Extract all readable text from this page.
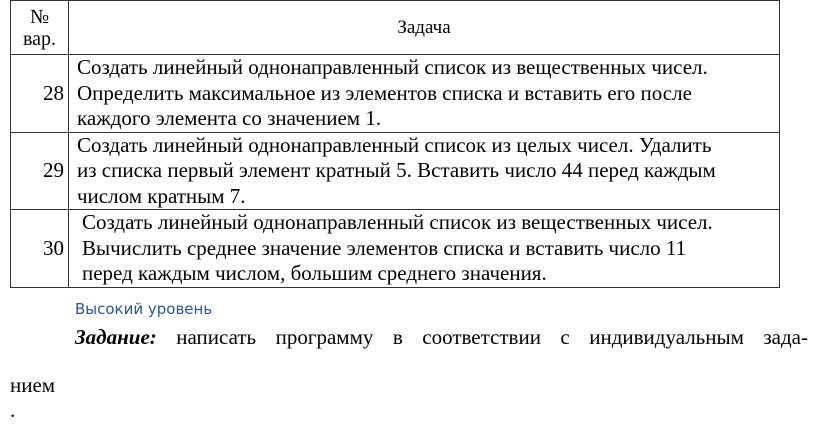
№
вар.	Задача
28	Создать линейный однонаправленный список из вещественных чисел.
Определить максимальное из элементов списка и вставить его после
каждого элемента со значением 1.

29	Создать линейный однонаправленный список из целых чисел. Удалить
из списка первый элемент кратный 5. Вставить число 44 перед каждым
числом кратным 7.

30	Создать линейный однонаправленный список из вещественных чисел.
Вычислить среднее значение элементов списка и вставить число 11
перед каждым числом, большим среднего значения.
Высокий уровень
Задание: написать программу в соответствии с индивидуальным зада-
нием
.
